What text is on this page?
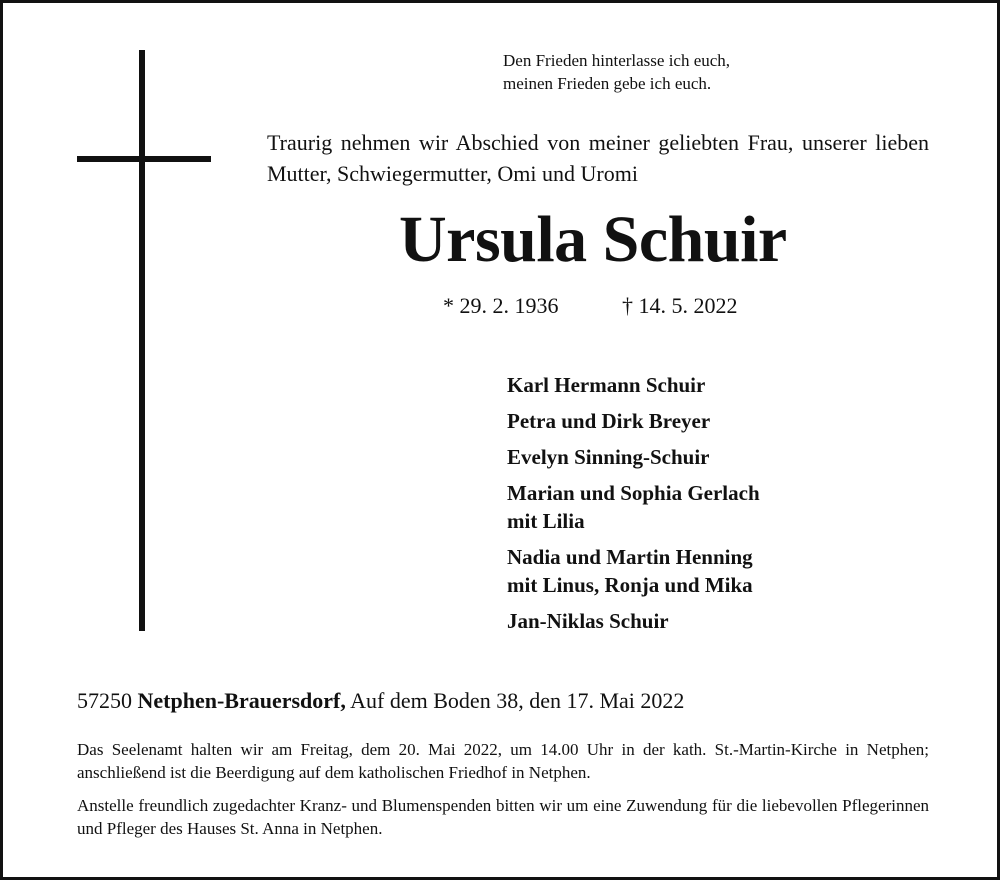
Den Frieden hinterlasse ich euch,
meinen Frieden gebe ich euch.
Traurig nehmen wir Abschied von meiner geliebten Frau, unserer lieben Mutter, Schwiegermutter, Omi und Uromi
Ursula Schuir
* 29. 2. 1936	† 14. 5. 2022
Karl Hermann Schuir
Petra und Dirk Breyer
Evelyn Sinning-Schuir
Marian und Sophia Gerlach
mit Lilia
Nadia und Martin Henning
mit Linus, Ronja und Mika
Jan-Niklas Schuir
57250 Netphen-Brauersdorf, Auf dem Boden 38, den 17. Mai 2022

Das Seelenamt halten wir am Freitag, dem 20. Mai 2022, um 14.00 Uhr in der kath. St.-Martin-Kirche in Netphen; anschließend ist die Beerdigung auf dem katholischen Friedhof in Netphen.

Anstelle freundlich zugedachter Kranz- und Blumenspenden bitten wir um eine Zuwendung für die liebevollen Pflegerinnen und Pfleger des Hauses St. Anna in Netphen.
